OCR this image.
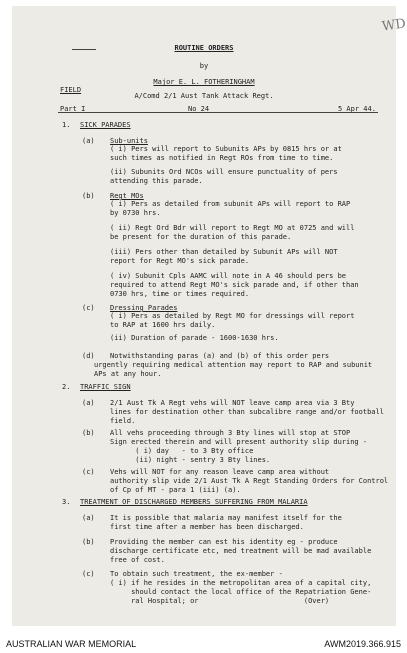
WD
ROUTINE ORDERS
by
Major E. L. FOTHERINGHAM
FIELD
A/Comd 2/1 Aust Tank Attack Regt.
Part I	No 24	5 Apr 44.
1. SICK PARADES
(a) Sub-units
( i) Pers will report to Subunits APs by 0815 hrs or at
such times as notified in Regt ROs from time to time.
(ii) Subunits Ord NCOs will ensure punctuality of pers
attending this parade.
(b) Regt MOs
( i) Pers as detailed from subunit APs will report to RAP
by 0730 hrs.
( ii) Regt Ord Bdr will report to Regt MO at 0725 and will
be present for the duration of this parade.
(iii) Pers other than detailed by Subunit APs will NOT
report for Regt MO's sick parade.
( iv) Subunit Cpls AAMC will note in A 46 should pers be
required to attend Regt MO's sick parade and, if other than
0730 hrs, time or times required.
(c) Dressing Parades
( i) Pers as detailed by Regt MO for dressings will report
to RAP at 1600 hrs daily.
(ii) Duration of parade - 1600-1630 hrs.
(d)	Notwithstanding paras (a) and (b) of this order pers
urgently requiring medical attention may report to RAP and subunit
APs at any hour.
2. TRAFFIC SIGN
(a)	2/1 Aust Tk A Regt vehs will NOT leave camp area via 3 Bty
lines for destination other than subcalibre range and/or football
field.
(b)	All vehs proceeding through 3 Bty lines will stop at STOP
Sign erected therein and will present authority slip during -
( i) day   - to 3 Bty office
(ii) night - sentry 3 Bty lines.
(c)	Vehs will NOT for any reason leave camp area without
authority slip vide 2/1 Aust Tk A Regt Standing Orders for Control
of Cp of MT - para 1 (iii) (a).
3. TREATMENT OF DISCHARGED MEMBERS SUFFERING FROM MALARIA
(a)	It is possible that malaria may manifest itself for the
first time after a member has been discharged.
(b)	Providing the member can est his identity eg - produce
discharge certificate etc, med treatment will be mad available
free of cost.
(c)	To obtain such treatment, the ex-member -
( i) if he resides in the metropolitan area of a capital city,
should contact the local office of the Repatriation Gene-
ral Hospital; or                         (Over)
AUSTRALIAN WAR MEMORIAL	AWM2019.366.915
